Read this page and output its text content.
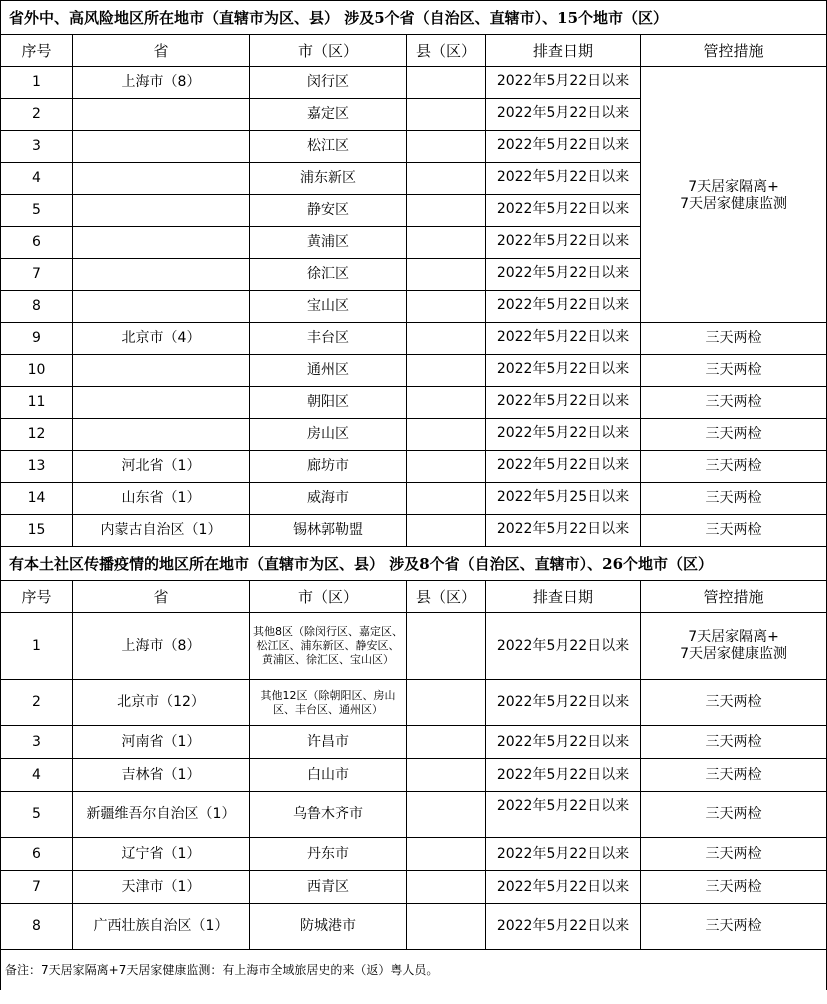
省外中、高风险地区所在地市（直辖市为区、县） 涉及5个省（自治区、直辖市）、15个地市（区）					
序号	省	市（区）	县（区）	排查日期	管控措施
1	上海市（8）	闵行区		2022年5月22日以来	7天居家隔离+
7天居家健康监测

2		嘉定区		2022年5月22日以来	
3		松江区		2022年5月22日以来	
4		浦东新区		2022年5月22日以来	
5		静安区		2022年5月22日以来	
6		黄浦区		2022年5月22日以来	
7		徐汇区		2022年5月22日以来	
8		宝山区		2022年5月22日以来	
9	北京市（4）	丰台区		2022年5月22日以来	三天两检
10		通州区		2022年5月22日以来	三天两检
11		朝阳区		2022年5月22日以来	三天两检
12		房山区		2022年5月22日以来	三天两检
13	河北省（1）	廊坊市		2022年5月22日以来	三天两检
14	山东省（1）	威海市		2022年5月25日以来	三天两检
15	内蒙古自治区（1）	锡林郭勒盟		2022年5月22日以来	三天两检
有本土社区传播疫情的地区所在地市（直辖市为区、县） 涉及8个省（自治区、直辖市）、26个地市（区）					
序号	省	市（区）	县（区）	排查日期	管控措施
1	上海市（8）	其他8区（除闵行区、嘉定区、松江区、浦东新区、静安区、黄浦区、徐汇区、宝山区）		2022年5月22日以来	7天居家隔离+
7天居家健康监测

2	北京市（12）	其他12区（除朝阳区、房山区、丰台区、通州区）		2022年5月22日以来	三天两检
3	河南省（1）	许昌市		2022年5月22日以来	三天两检
4	吉林省（1）	白山市		2022年5月22日以来	三天两检
5	新疆维吾尔自治区（1）	乌鲁木齐市		2022年5月22日以来	三天两检
6	辽宁省（1）	丹东市		2022年5月22日以来	三天两检
7	天津市（1）	西青区		2022年5月22日以来	三天两检
8	广西壮族自治区（1）	防城港市		2022年5月22日以来	三天两检
备注：7天居家隔离+7天居家健康监测：有上海市全域旅居史的来（返）粤人员。					
